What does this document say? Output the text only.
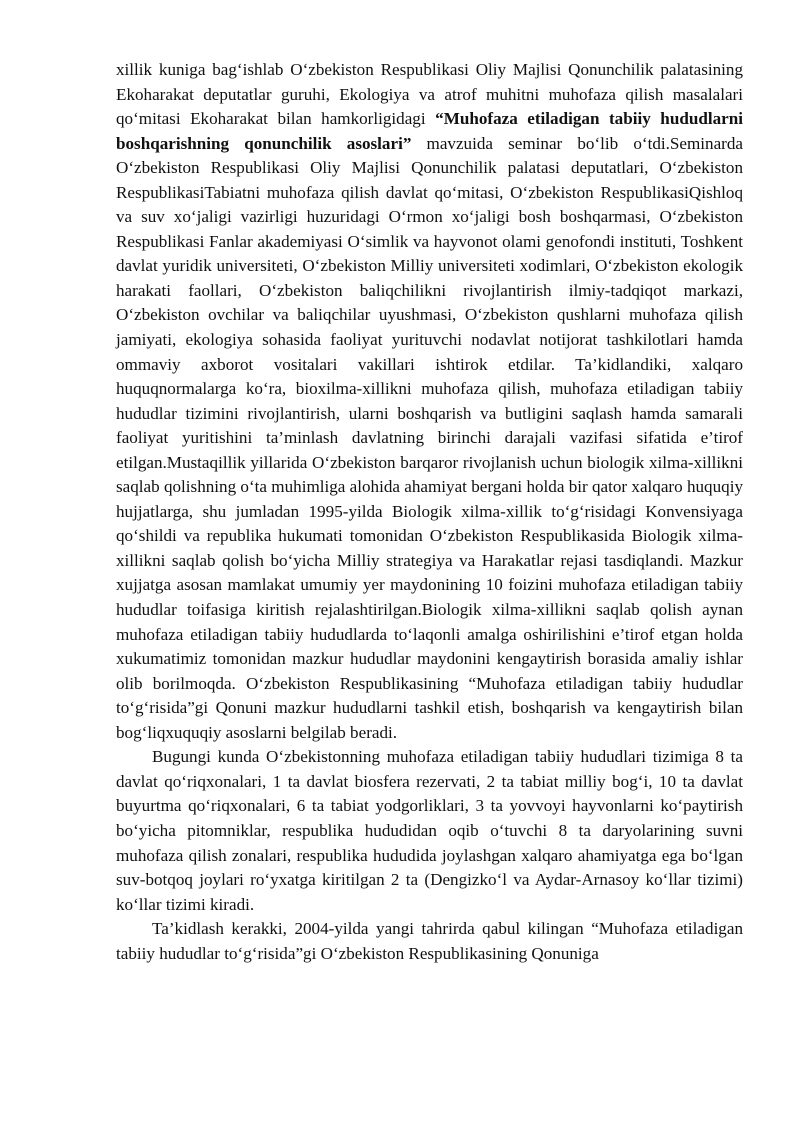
xillik kuniga bag‘ishlab O‘zbekiston Respublikasi Oliy Majlisi Qonunchilik palatasining Ekoharakat deputatlar guruhi, Ekologiya va atrof muhitni muhofaza qilish masalalari qo‘mitasi Ekoharakat bilan hamkorligidagi “Muhofaza etiladigan tabiiy hududlarni boshqarishning qonunchilik asoslari” mavzuida seminar bo‘lib o‘tdi.Seminarda O‘zbekiston Respublikasi Oliy Majlisi Qonunchilik palatasi deputatlari, O‘zbekiston RespublikasiTabiatni muhofaza qilish davlat qo‘mitasi, O‘zbekiston RespublikasiQishloq va suv xo‘jaligi vazirligi huzuridagi O‘rmon xo‘jaligi bosh boshqarmasi, O‘zbekiston Respublikasi Fanlar akademiyasi O‘simlik va hayvonot olami genofondi instituti, Toshkent davlat yuridik universiteti, O‘zbekiston Milliy universiteti xodimlari, O‘zbekiston ekologik harakati faollari, O‘zbekiston baliqchilikni rivojlantirish ilmiy-tadqiqot markazi, O‘zbekiston ovchilar va baliqchilar uyushmasi, O‘zbekiston qushlarni muhofaza qilish jamiyati, ekologiya sohasida faoliyat yurituvchi nodavlat notijorat tashkilotlari hamda ommaviy axborot vositalari vakillari ishtirok etdilar. Ta’kidlandiki, xalqaro huquqnormalarga ko‘ra, bioxilma-xillikni muhofaza qilish, muhofaza etiladigan tabiiy hududlar tizimini rivojlantirish, ularni boshqarish va butligini saqlash hamda samarali faoliyat yuritishini ta’minlash davlatning birinchi darajali vazifasi sifatida e’tirof etilgan.Mustaqillik yillarida O‘zbekiston barqaror rivojlanish uchun biologik xilma-xillikni saqlab qolishning o‘ta muhimliga alohida ahamiyat bergani holda bir qator xalqaro huquqiy hujjatlarga, shu jumladan 1995-yilda Biologik xilma-xillik to‘g‘risidagi Konvensiyaga qo‘shildi va republika hukumati tomonidan O‘zbekiston Respublikasida Biologik xilma-xillikni saqlab qolish bo‘yicha Milliy strategiya va Harakatlar rejasi tasdiqlandi. Mazkur xujjatga asosan mamlakat umumiy yer maydonining 10 foizini muhofaza etiladigan tabiiy hududlar toifasiga kiritish rejalashtirilgan.Biologik xilma-xillikni saqlab qolish aynan muhofaza etiladigan tabiiy hududlarda to‘laqonli amalga oshirilishini e’tirof etgan holda xukumatimiz tomonidan mazkur hududlar maydonini kengaytirish borasida amaliy ishlar olib borilmoqda. O‘zbekiston Respublikasining “Muhofaza etiladigan tabiiy hududlar to‘g‘risida”gi Qonuni mazkur hududlarni tashkil etish, boshqarish va kengaytirish bilan bog‘liqxuquqiy asoslarni belgilab beradi.

Bugungi kunda O‘zbekistonning muhofaza etiladigan tabiiy hududlari tizimiga 8 ta davlat qo‘riqxonalari, 1 ta davlat biosfera rezervati, 2 ta tabiat milliy bog‘i, 10 ta davlat buyurtma qo‘riqxonalari, 6 ta tabiat yodgorliklari, 3 ta yovvoyi hayvonlarni ko‘paytirish bo‘yicha pitomniklar, respublika hududidan oqib o‘tuvchi 8 ta daryolarining suvni muhofaza qilish zonalari, respublika hududida joylashgan xalqaro ahamiyatga ega bo‘lgan suv-botqoq joylari ro‘yxatga kiritilgan 2 ta (Dengizko‘l va Aydar-Arnasoy ko‘llar tizimi) ko‘llar tizimi kiradi.

Ta’kidlash kerakki, 2004-yilda yangi tahrirda qabul kilingan “Muhofaza etiladigan tabiiy hududlar to‘g‘risida”gi O‘zbekiston Respublikasining Qonuniga
